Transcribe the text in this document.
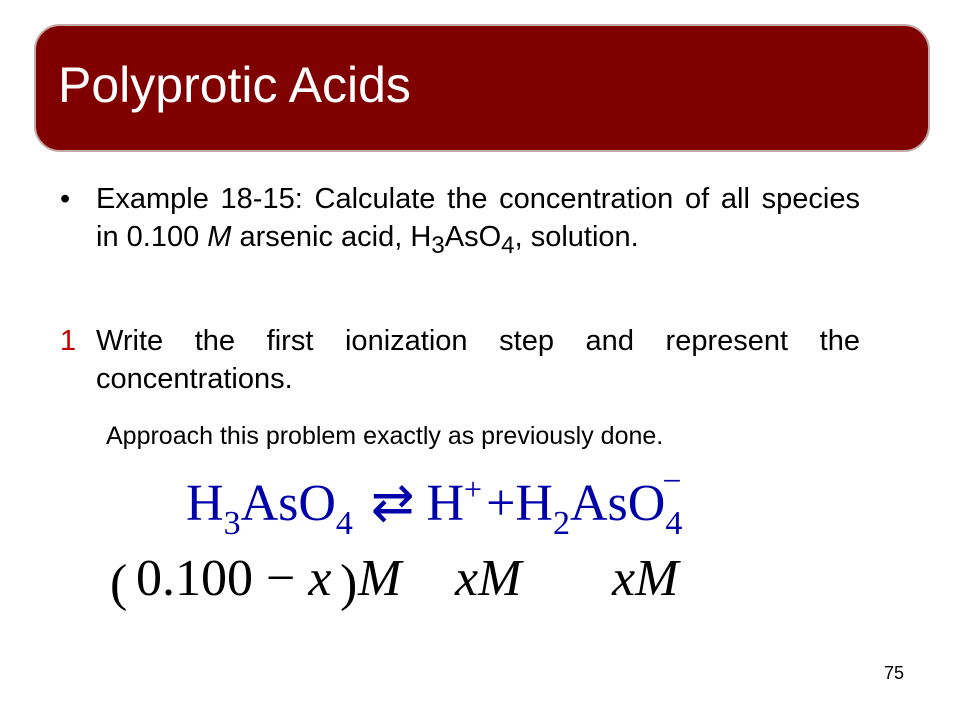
Polyprotic Acids
• Example 18-15: Calculate the concentration of all species in 0.100 M arsenic acid, $H_3AsO_4$, solution.
1 Write the first ionization step and represent the concentrations.
Approach this problem exactly as previously done.
$H_3AsO_4$ ⇄ $H^++H_2AsO_4-$
( 0.100 − x ) M xM xM
75
